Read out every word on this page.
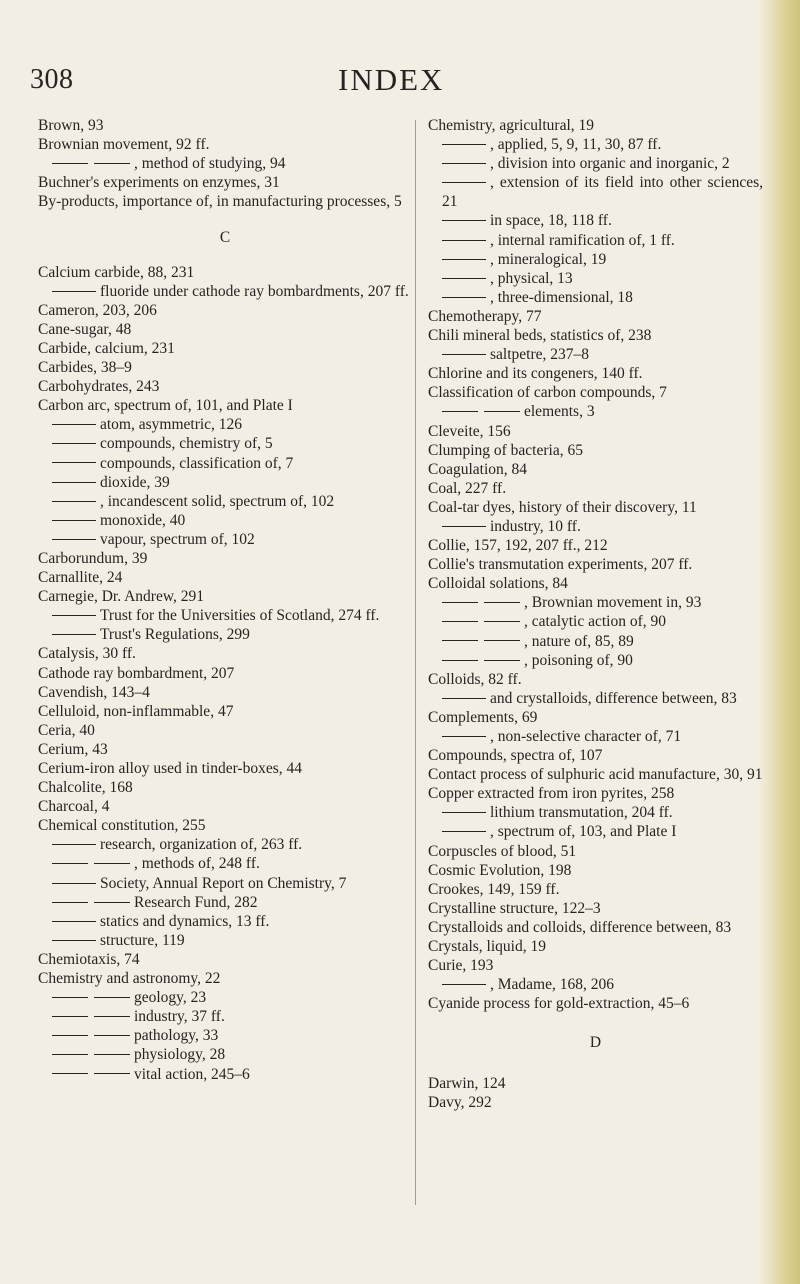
308	INDEX
Brown, 93
Brownian movement, 92 ff.
, method of studying, 94
Buchner's experiments on enzymes, 31
By-products, importance of, in manufacturing processes, 5
C
Calcium carbide, 88, 231
fluoride under cathode ray bombardments, 207 ff.
Cameron, 203, 206
Cane-sugar, 48
Carbide, calcium, 231
Carbides, 38–9
Carbohydrates, 243
Carbon arc, spectrum of, 101, and Plate I
atom, asymmetric, 126
compounds, chemistry of, 5
compounds, classification of, 7
dioxide, 39
, incandescent solid, spectrum of, 102
monoxide, 40
vapour, spectrum of, 102
Carborundum, 39
Carnallite, 24
Carnegie, Dr. Andrew, 291
Trust for the Universities of Scotland, 274 ff.
Trust's Regulations, 299
Catalysis, 30 ff.
Cathode ray bombardment, 207
Cavendish, 143–4
Celluloid, non-inflammable, 47
Ceria, 40
Cerium, 43
Cerium-iron alloy used in tinder-boxes, 44
Chalcolite, 168
Charcoal, 4
Chemical constitution, 255
research, organization of, 263 ff.
, methods of, 248 ff.
Society, Annual Report on Chemistry, 7
Research Fund, 282
statics and dynamics, 13 ff.
structure, 119
Chemiotaxis, 74
Chemistry and astronomy, 22
geology, 23
industry, 37 ff.
pathology, 33
physiology, 28
vital action, 245–6
Chemistry, agricultural, 19
, applied, 5, 9, 11, 30, 87 ff.
, division into organic and inorganic, 2
, extension of its field into other sciences, 21
in space, 18, 118 ff.
, internal ramification of, 1 ff.
, mineralogical, 19
, physical, 13
, three-dimensional, 18
Chemotherapy, 77
Chili mineral beds, statistics of, 238
saltpetre, 237–8
Chlorine and its congeners, 140 ff.
Classification of carbon compounds, 7
elements, 3
Cleveite, 156
Clumping of bacteria, 65
Coagulation, 84
Coal, 227 ff.
Coal-tar dyes, history of their discovery, 11
industry, 10 ff.
Collie, 157, 192, 207 ff., 212
Collie's transmutation experiments, 207 ff.
Colloidal solations, 84
, Brownian movement in, 93
, catalytic action of, 90
, nature of, 85, 89
, poisoning of, 90
Colloids, 82 ff.
and crystalloids, difference between, 83
Complements, 69
, non-selective character of, 71
Compounds, spectra of, 107
Contact process of sulphuric acid manufacture, 30, 91
Copper extracted from iron pyrites, 258
lithium transmutation, 204 ff.
, spectrum of, 103, and Plate I
Corpuscles of blood, 51
Cosmic Evolution, 198
Crookes, 149, 159 ff.
Crystalline structure, 122–3
Crystalloids and colloids, difference between, 83
Crystals, liquid, 19
Curie, 193
, Madame, 168, 206
Cyanide process for gold-extraction, 45–6
D
Darwin, 124
Davy, 292
